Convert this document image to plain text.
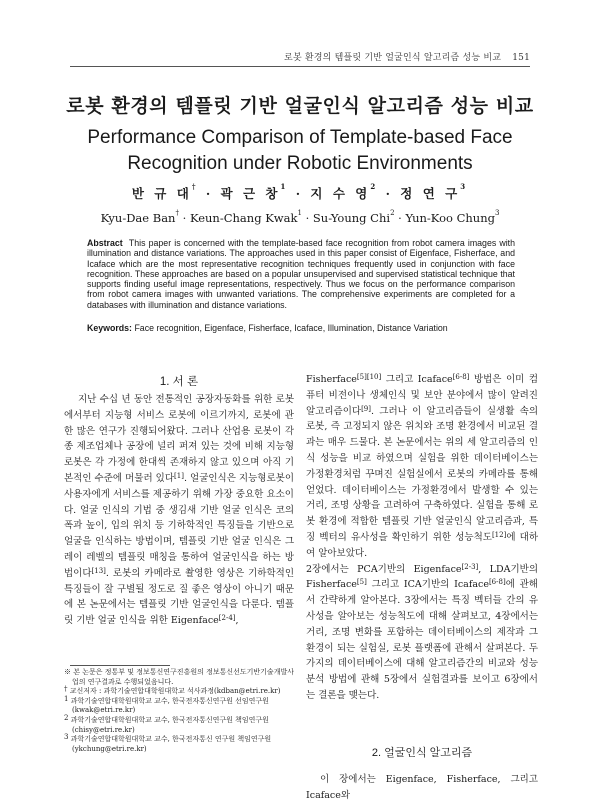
로봇 환경의 템플릿 기반 얼굴인식 알고리즘 성능 비교 151
로봇 환경의 템플릿 기반 얼굴인식 알고리즘 성능 비교
Performance Comparison of Template-based Face
Recognition under Robotic Environments
반 규 대† · 곽 근 창$^1$ · 지 수 영$^2$ · 정 연 구$^3$
Kyu-Dae Ban† · Keun-Chang Kwak$^1$ · Su-Young Chi$^2$ · Yun-Koo Chung$^3$
Abstract This paper is concerned with the template-based face recognition from robot camera images with illumination and distance variations. The approaches used in this paper consist of Eigenface, Fisherface, and Icaface which are the most representative recognition techniques frequently used in conjunction with face recognition. These approaches are based on a popular unsupervised and supervised statistical technique that supports finding useful image representations, respectively. Thus we focus on the performance comparison from robot camera images with unwanted variations. The comprehensive experiments are completed for a databases with illumination and distance variations.
Keywords: Face recognition, Eigenface, Fisherface, Icaface, Illumination, Distance Variation
1. 서 론

지난 수십 년 동안 전통적인 공장자동화를 위한 로봇에서부터 지능형 서비스 로봇에 이르기까지, 로봇에 관한 많은 연구가 진행되어왔다. 그러나 산업용 로봇이 각종 제조업체나 공장에 널리 퍼져 있는 것에 비해 지능형 로봇은 각 가정에 한대씩 존재하지 않고 있으며 아직 기본적인 수준에 머물러 있다[1]. 얼굴인식은 지능형로봇이 사용자에게 서비스를 제공하기 위해 가장 중요한 요소이다. 얼굴 인식의 기법 중 생김새 기반 얼굴 인식은 코의 폭과 높이, 입의 위치 등 기하학적인 특징들을 기반으로 얼굴을 인식하는 방법이며, 템플릿 기반 얼굴 인식은 그레이 레벨의 템플릿 매칭을 통하여 얼굴인식을 하는 방법이다[13]. 로봇의 카메라로 촬영한 영상은 기하학적인 특징들이 잘 구별될 정도로 질 좋은 영상이 아니기 때문에 본 논문에서는 템플릿 기반 얼굴인식을 다룬다. 템플릿 기반 얼굴 인식을 위한 Eigenface[2-4],

※ 본 논문은 정통부 및 정보통신연구진흥원의 정보통신선도기반기술개발사업의 연구결과로 수행되었음니다.

† 교신저자 : 과학기술연합대학원대학교 석사과정(kdban@etri.re.kr)

$^1$ 과학기술연합대학원대학교 교수, 한국전자통신연구원 선임연구원 (kwak@etri.re.kr)

$^2$ 과학기술연합대학원대학교 교수, 한국전자통신연구원 책임연구원 (chisy@etri.re.kr)

$^3$ 과학기술연합대학원대학교 교수, 한국전자통신 연구원 책임연구원 (ykchung@etri.re.kr)

Fisherface[5][10] 그리고 Icaface[6-8] 방법은 이미 컴퓨터 비전이나 생체인식 및 보안 분야에서 많이 알려진 알고리즘이다[9]. 그러나 이 알고리즘들이 실생활 속의 로봇, 즉 고정되지 않은 위치와 조명 환경에서 비교된 결과는 매우 드물다. 본 논문에서는 위의 세 알고리즘의 인식 성능을 비교 하였으며 실험을 위한 데이터베이스는 가정환경처럼 꾸며진 실험실에서 로봇의 카메라를 통해 얻었다. 데이터베이스는 가정환경에서 발생할 수 있는 거리, 조명 상황을 고려하여 구축하였다. 실험을 통해 로봇 환경에 적합한 템플릿 기반 얼굴인식 알고리즘과, 특징 벡터의 유사성을 확인하기 위한 성능척도[12]에 대하여 알아보았다.

2장에서는 PCA기반의 Eigenface[2-3], LDA기반의 Fisherface[5] 그리고 ICA기반의 Icaface[6-8]에 관해서 간략하게 알아본다. 3장에서는 특징 벡터들 간의 유사성을 알아보는 성능척도에 대해 살펴보고, 4장에서는 거리, 조명 변화를 포함하는 데이터베이스의 제작과 그 환경이 되는 실험실, 로봇 플랫폼에 관해서 살펴본다. 두 가지의 데이터베이스에 대해 알고리즘간의 비교와 성능분석 방법에 관해 5장에서 실험결과를 보이고 6장에서는 결론을 맺는다.

2. 얼굴인식 알고리즘

이 장에서는 Eigenface, Fisherface, 그리고 Icaface와
